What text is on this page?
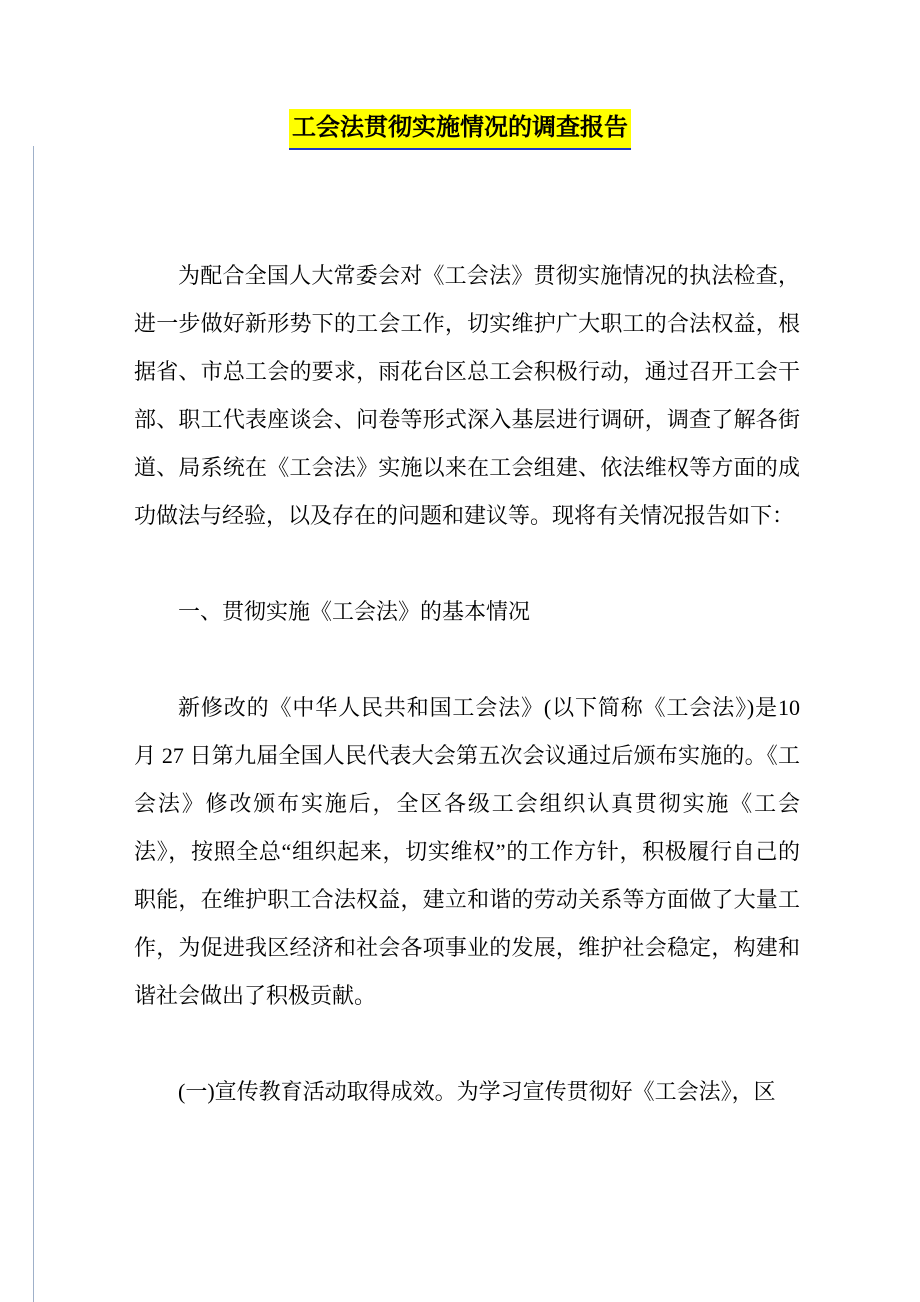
工会法贯彻实施情况的调查报告

为配合全国人大常委会对《工会法》贯彻实施情况的执法检查，进一步做好新形势下的工会工作，切实维护广大职工的合法权益，根据省、市总工会的要求，雨花台区总工会积极行动，通过召开工会干部、职工代表座谈会、问卷等形式深入基层进行调研，调查了解各街道、局系统在《工会法》实施以来在工会组建、依法维权等方面的成功做法与经验，以及存在的问题和建议等。现将有关情况报告如下：

一、贯彻实施《工会法》的基本情况

新修改的《中华人民共和国工会法》(以下简称《工会法》)是10 月 27 日第九届全国人民代表大会第五次会议通过后颁布实施的。《工会法》修改颁布实施后，全区各级工会组织认真贯彻实施《工会法》，按照全总“组织起来，切实维权”的工作方针，积极履行自己的职能，在维护职工合法权益，建立和谐的劳动关系等方面做了大量工作，为促进我区经济和社会各项事业的发展，维护社会稳定，构建和谐社会做出了积极贡献。

(一)宣传教育活动取得成效。为学习宣传贯彻好《工会法》，区
